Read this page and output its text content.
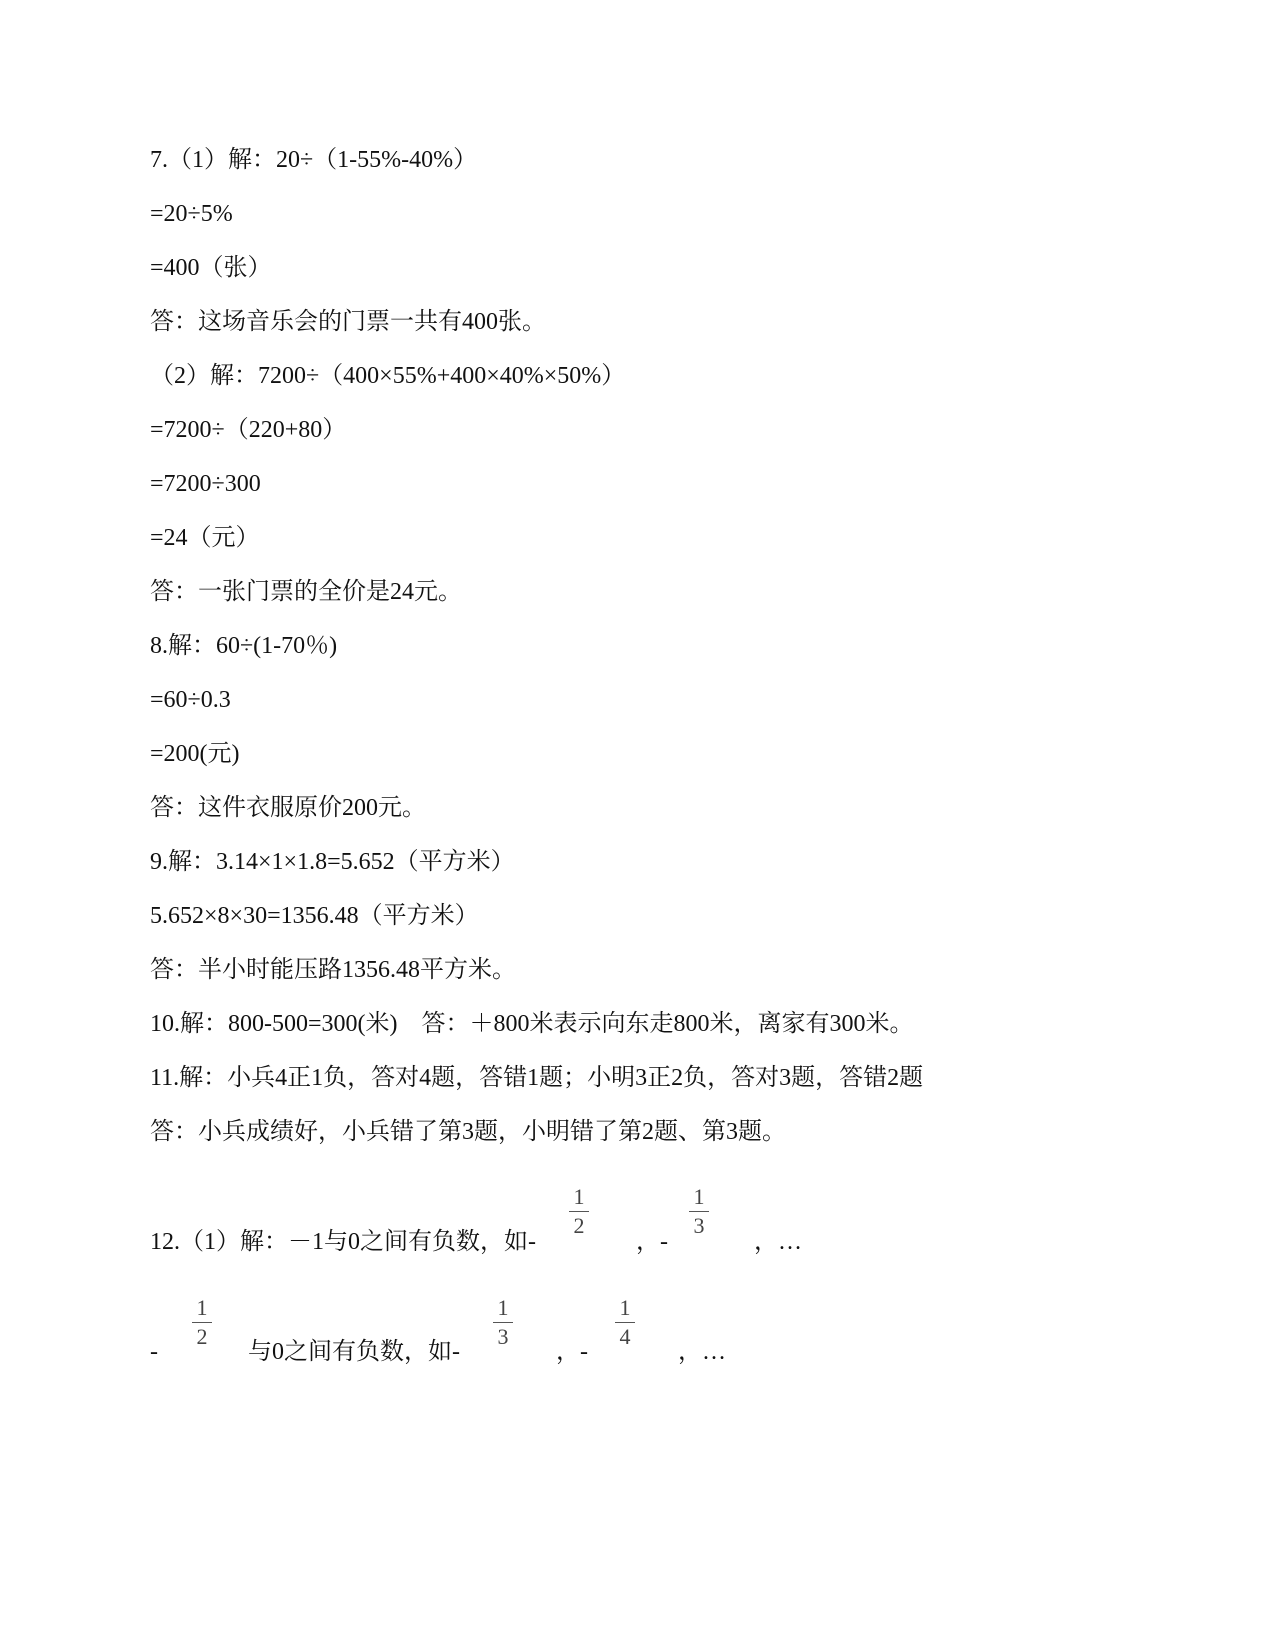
7.（1）解：20÷（1-55%-40%）
=20÷5%
=400（张）
答：这场音乐会的门票一共有400张。
（2）解：7200÷（400×55%+400×40%×50%）
=7200÷（220+80）
=7200÷300
=24（元）
答：一张门票的全价是24元。
8.解：60÷(1-70％)
=60÷0.3
=200(元)
答：这件衣服原价200元。
9.解：3.14×1×1.8=5.652（平方米）
5.652×8×30=1356.48（平方米）
答：半小时能压路1356.48平方米。
10.解：800-500=300(米)　答：＋800米表示向东走800米，离家有300米。
11.解：小兵4正1负，答对4题，答错1题；小明3正2负，答对3题，答错2题
答：小兵成绩好，小兵错了第3题，小明错了第2题、第3题。
12.（1）解：－1与0之间有负数，如-
1
2
，-
1
3
，…
-
1
2
与0之间有负数，如-
1
3
，-
1
4
，…
